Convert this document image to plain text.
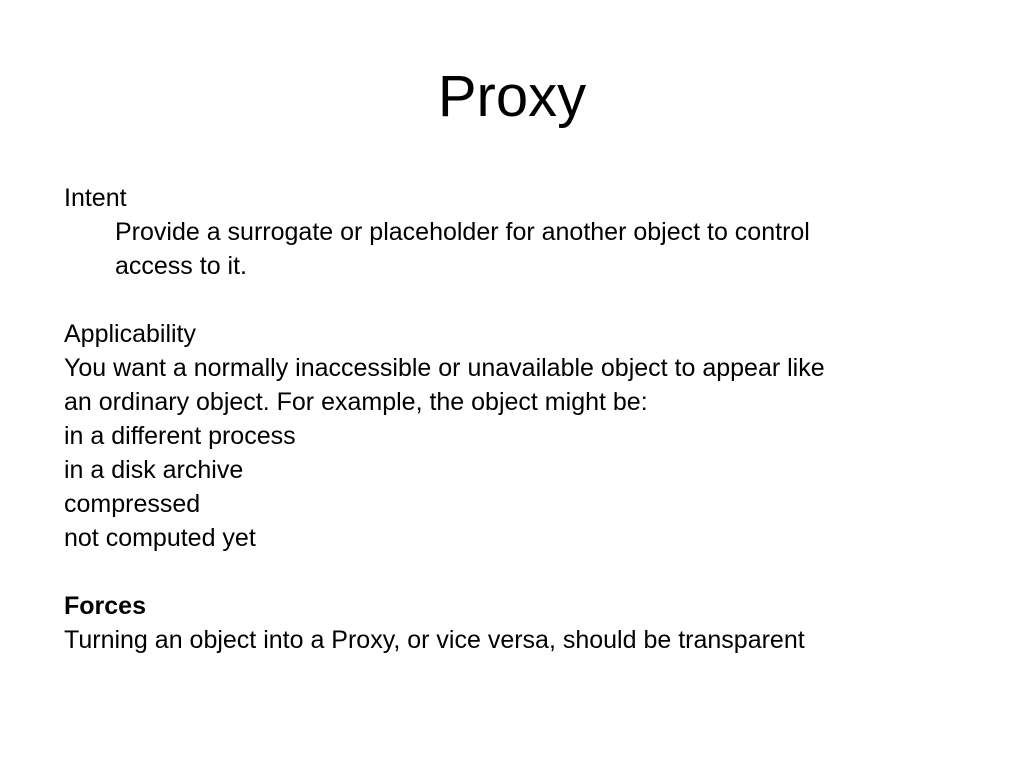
Proxy
Intent
Provide a surrogate or placeholder for another object to control
access to it.
Applicability
You want a normally inaccessible or unavailable object to appear like
an ordinary object. For example, the object might be:
in a different process
in a disk archive
compressed
not computed yet
Forces
Turning an object into a Proxy, or vice versa, should be transparent
